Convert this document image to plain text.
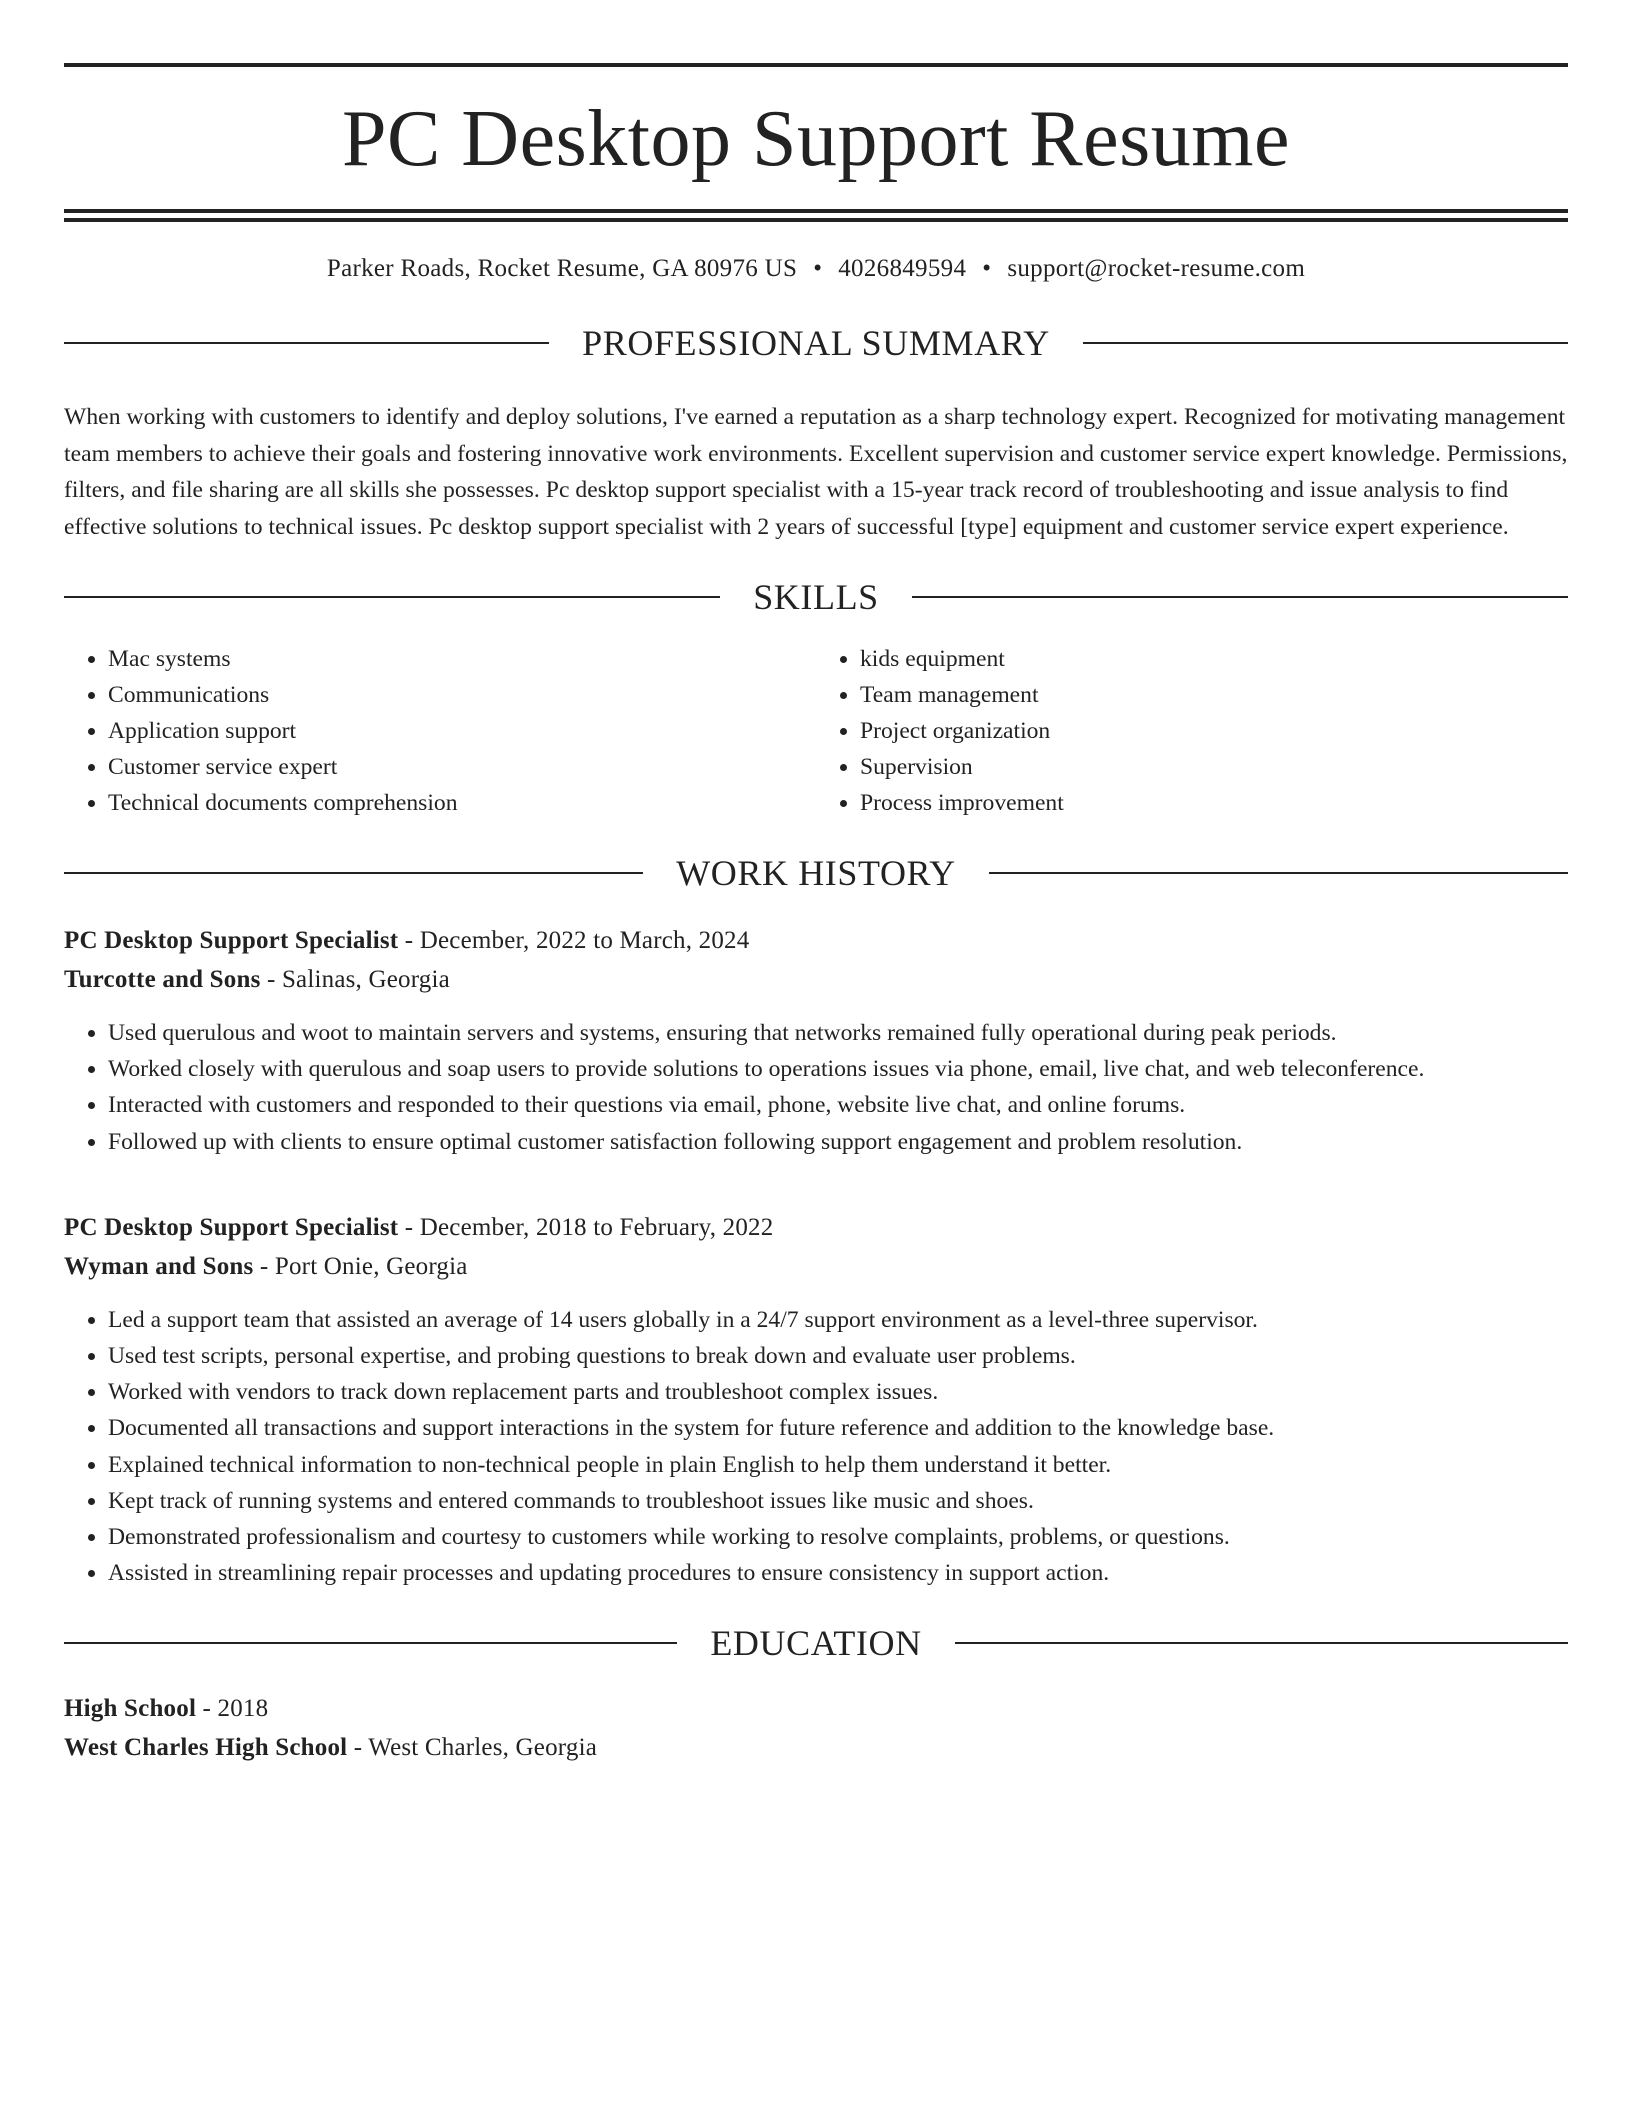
PC Desktop Support Resume
Parker Roads, Rocket Resume, GA 80976 US • 4026849594 • support@rocket-resume.com
PROFESSIONAL SUMMARY

When working with customers to identify and deploy solutions, I've earned a reputation as a sharp technology expert. Recognized for motivating management team members to achieve their goals and fostering innovative work environments. Excellent supervision and customer service expert knowledge. Permissions, filters, and file sharing are all skills she possesses. Pc desktop support specialist with a 15-year track record of troubleshooting and issue analysis to find effective solutions to technical issues. Pc desktop support specialist with 2 years of successful [type] equipment and customer service expert experience.

SKILLS
• Mac systems
• Communications
• Application support
• Customer service expert
• Technical documents comprehension
• kids equipment
• Team management
• Project organization
• Supervision
• Process improvement
WORK HISTORY
PC Desktop Support Specialist - December, 2022 to March, 2024
Turcotte and Sons - Salinas, Georgia
• Used querulous and woot to maintain servers and systems, ensuring that networks remained fully operational during peak periods.
• Worked closely with querulous and soap users to provide solutions to operations issues via phone, email, live chat, and web teleconference.
• Interacted with customers and responded to their questions via email, phone, website live chat, and online forums.
• Followed up with clients to ensure optimal customer satisfaction following support engagement and problem resolution.
PC Desktop Support Specialist - December, 2018 to February, 2022
Wyman and Sons - Port Onie, Georgia
• Led a support team that assisted an average of 14 users globally in a 24/7 support environment as a level-three supervisor.
• Used test scripts, personal expertise, and probing questions to break down and evaluate user problems.
• Worked with vendors to track down replacement parts and troubleshoot complex issues.
• Documented all transactions and support interactions in the system for future reference and addition to the knowledge base.
• Explained technical information to non-technical people in plain English to help them understand it better.
• Kept track of running systems and entered commands to troubleshoot issues like music and shoes.
• Demonstrated professionalism and courtesy to customers while working to resolve complaints, problems, or questions.
• Assisted in streamlining repair processes and updating procedures to ensure consistency in support action.
EDUCATION
High School - 2018
West Charles High School - West Charles, Georgia
